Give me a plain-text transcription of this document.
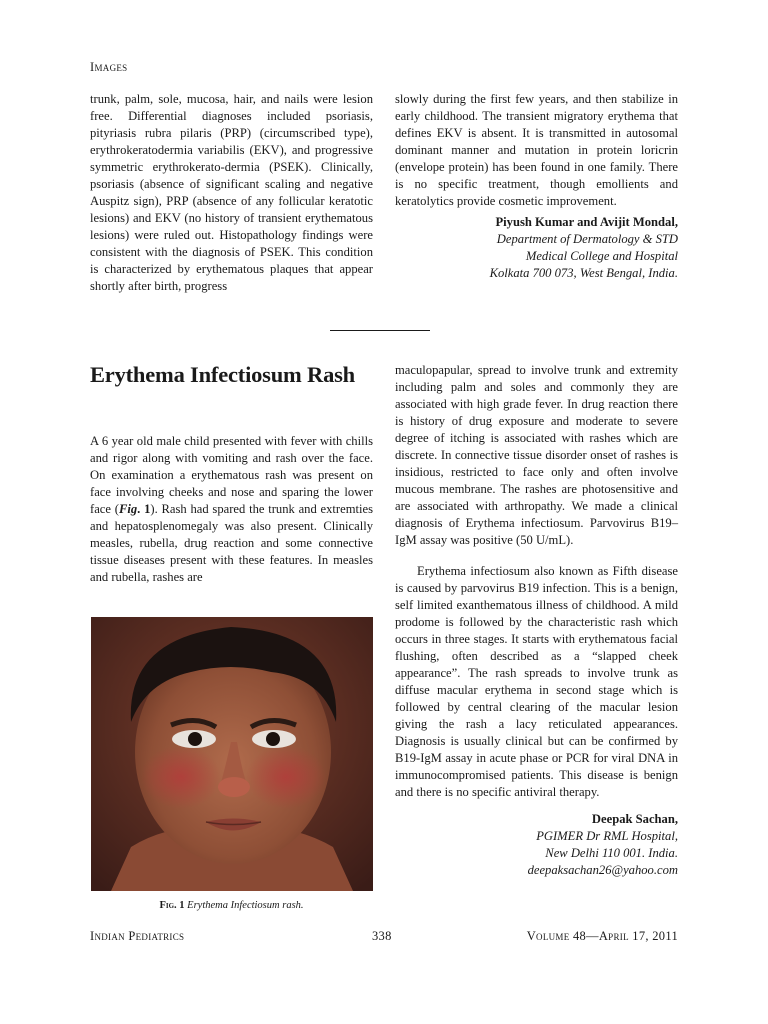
Images

trunk, palm, sole, mucosa, hair, and nails were lesion free. Differential diagnoses included psoriasis, pityriasis rubra pilaris (PRP) (circumscribed type), erythrokeratodermia variabilis (EKV), and progressive symmetric erythrokerato-dermia (PSEK). Clinically, psoriasis (absence of significant scaling and negative Auspitz sign), PRP (absence of any follicular keratotic lesions) and EKV (no history of transient erythematous lesions) were ruled out. Histopathology findings were consistent with the diagnosis of PSEK. This condition is characterized by erythematous plaques that appear shortly after birth, progress

slowly during the first few years, and then stabilize in early childhood. The transient migratory erythema that defines EKV is absent. It is transmitted in autosomal dominant manner and mutation in protein loricrin (envelope protein) has been found in one family. There is no specific treatment, though emollients and keratolytics provide cosmetic improvement.

Piyush Kumar and Avijit Mondal,
Department of Dermatology & STD
Medical College and Hospital
Kolkata 700 073, West Bengal, India.
Erythema Infectiosum Rash

A 6 year old male child presented with fever with chills and rigor along with vomiting and rash over the face. On examination a erythematous rash was present on face involving cheeks and nose and sparing the lower face (Fig. 1). Rash had spared the trunk and extremties and hepatosplenomegaly was also present. Clinically measles, rubella, drug reaction and some connective tissue diseases present with these features. In measles and rubella, rashes are

Fig. 1 Erythema Infectiosum rash.

maculopapular, spread to involve trunk and extremity including palm and soles and commonly they are associated with high grade fever. In drug reaction there is history of drug exposure and moderate to severe degree of itching is associated with rashes which are discrete. In connective tissue disorder onset of rashes is insidious, restricted to face only and often involve mucous membrane. The rashes are photosensitive and are associated with arthropathy. We made a clinical diagnosis of Erythema infectiosum. Parvovirus B19–IgM assay was positive (50 U/mL).

Erythema infectiosum also known as Fifth disease is caused by parvovirus B19 infection. This is a benign, self limited exanthematous illness of childhood. A mild prodome is followed by the characteristic rash which occurs in three stages. It starts with erythematous facial flushing, often described as a “slapped cheek appearance”. The rash spreads to involve trunk as diffuse macular erythema in second stage which is followed by central clearing of the macular lesion giving the rash a lacy reticulated appearances. Diagnosis is usually clinical but can be confirmed by B19-IgM assay in acute phase or PCR for viral DNA in immunocompromised patients. This disease is benign and there is no specific antiviral therapy.

Deepak Sachan,
PGIMER Dr RML Hospital,
New Delhi 110 001. India.
deepaksachan26@yahoo.com
Indian Pediatrics	338	Volume 48—April 17, 2011
